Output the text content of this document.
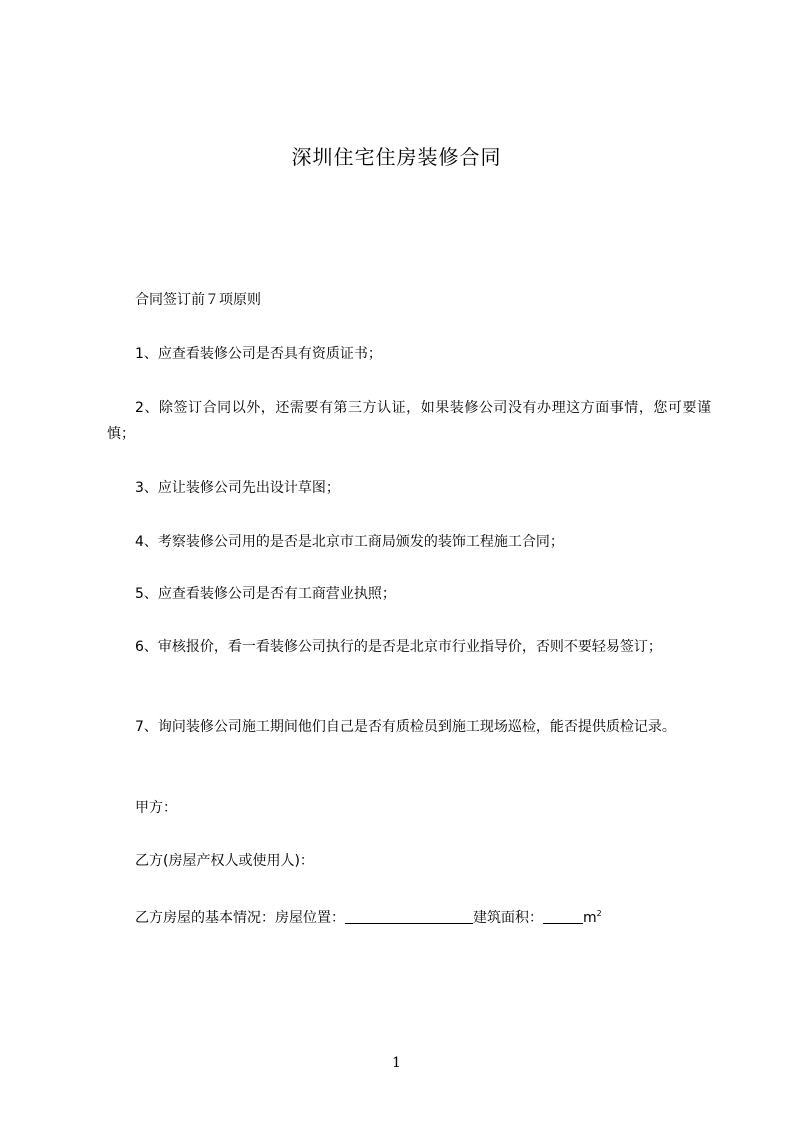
深圳住宅住房装修合同
合同签订前７项原则
1、应查看装修公司是否具有资质证书；
2、除签订合同以外，还需要有第三方认证，如果装修公司没有办理这方面事情，您可要谨慎；
3、应让装修公司先出设计草图；
4、考察装修公司用的是否是北京市工商局颁发的装饰工程施工合同；
5、应查看装修公司是否有工商营业执照；
6、审核报价，看一看装修公司执行的是否是北京市行业指导价，否则不要轻易签订；
7、询问装修公司施工期间他们自己是否有质检员到施工现场巡检，能否提供质检记录。
甲方：
乙方(房屋产权人或使用人)：
乙方房屋的基本情况：房屋位置：	建筑面积：	$m^2$
1
